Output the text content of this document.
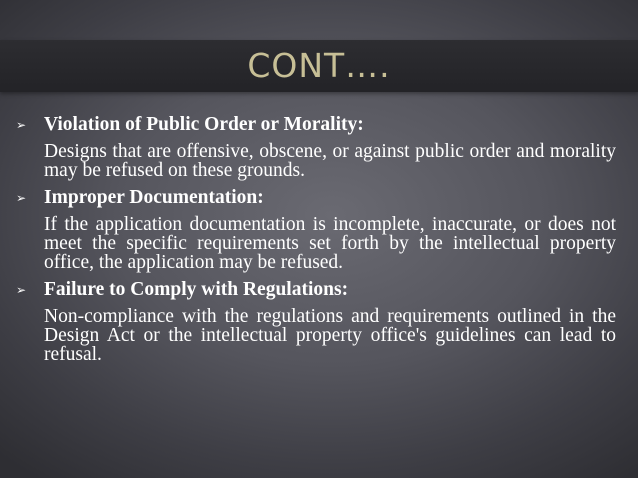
CONT….
➢ Violation of Public Order or Morality:
Designs that are offensive, obscene, or against public order and morality may be refused on these grounds.
➢ Improper Documentation:
If the application documentation is incomplete, inaccurate, or does not meet the specific requirements set forth by the intellectual property office, the application may be refused.
➢ Failure to Comply with Regulations:
Non-compliance with the regulations and requirements outlined in the Design Act or the intellectual property office's guidelines can lead to refusal.
